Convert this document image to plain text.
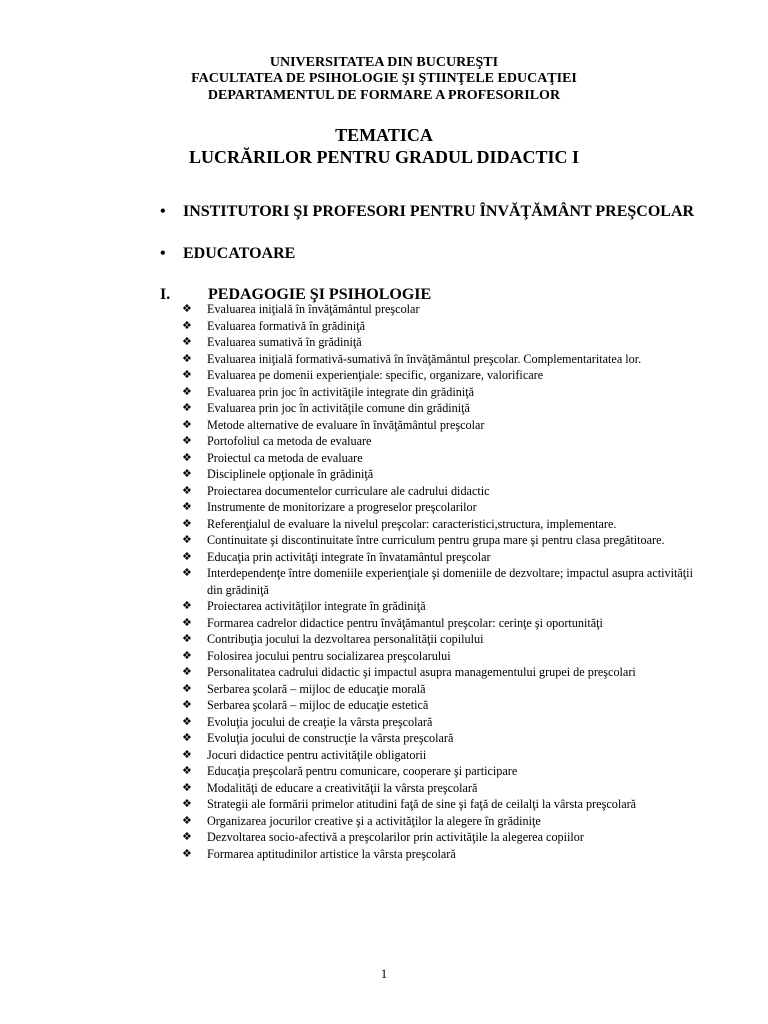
UNIVERSITATEA DIN BUCUREŞTI
FACULTATEA DE PSIHOLOGIE ŞI ŞTIINŢELE EDUCAŢIEI
DEPARTAMENTUL DE FORMARE A PROFESORILOR
TEMATICA
LUCRĂRILOR PENTRU GRADUL DIDACTIC I
• INSTITUTORI ŞI PROFESORI PENTRU ÎNVĂŢĂMÂNT PREŞCOLAR
• EDUCATOARE
I. PEDAGOGIE ŞI PSIHOLOGIE
❖ Evaluarea iniţială în învăţământul preşcolar
❖ Evaluarea formativă în grădiniţă
❖ Evaluarea sumativă în grădiniţă
❖ Evaluarea iniţială formativă-sumativă în învăţământul preşcolar. Complementaritatea lor.
❖ Evaluarea pe domenii experienţiale: specific, organizare, valorificare
❖ Evaluarea prin joc în activităţile integrate din grădiniţă
❖ Evaluarea prin joc în activităţile comune din grădiniţă
❖ Metode alternative de evaluare în învăţământul preşcolar
❖ Portofoliul ca metoda de evaluare
❖ Proiectul ca metoda de evaluare
❖ Disciplinele opţionale în grădiniţă
❖ Proiectarea documentelor curriculare ale cadrului didactic
❖ Instrumente de monitorizare a progreselor preşcolarilor
❖ Referenţialul de evaluare la nivelul preşcolar: caracteristici,structura, implementare.
❖ Continuitate şi discontinuitate între curriculum pentru grupa mare şi pentru clasa pregătitoare.
❖ Educaţia prin activităţi integrate în învatamântul preşcolar
❖ Interdependenţe între domeniile experienţiale şi domeniile de dezvoltare; impactul asupra activităţii din grădiniţă
❖ Proiectarea activităţilor integrate în grădiniţă
❖ Formarea cadrelor didactice pentru învăţămantul preşcolar: cerinţe şi oportunităţi
❖ Contribuţia jocului la dezvoltarea personalităţii copilului
❖ Folosirea jocului pentru socializarea preşcolarului
❖ Personalitatea cadrului didactic şi impactul asupra managementului grupei de preşcolari
❖ Serbarea şcolară – mijloc de educaţie morală
❖ Serbarea şcolară – mijloc de educaţie estetică
❖ Evoluţia jocului de creaţie la vârsta preşcolară
❖ Evoluţia jocului de construcţie la vârsta preşcolară
❖ Jocuri didactice pentru activităţile obligatorii
❖ Educaţia preşcolară pentru comunicare, cooperare şi participare
❖ Modalităţi de educare a creativităţii la vârsta preşcolară
❖ Strategii ale formării primelor atitudini faţă de sine şi faţă de ceilalţi la vârsta preşcolară
❖ Organizarea jocurilor creative şi a activităţilor la alegere în grădiniţe
❖ Dezvoltarea socio-afectivă a preşcolarilor prin activităţile la alegerea copiilor
❖ Formarea aptitudinilor artistice la vârsta preşcolară
1
